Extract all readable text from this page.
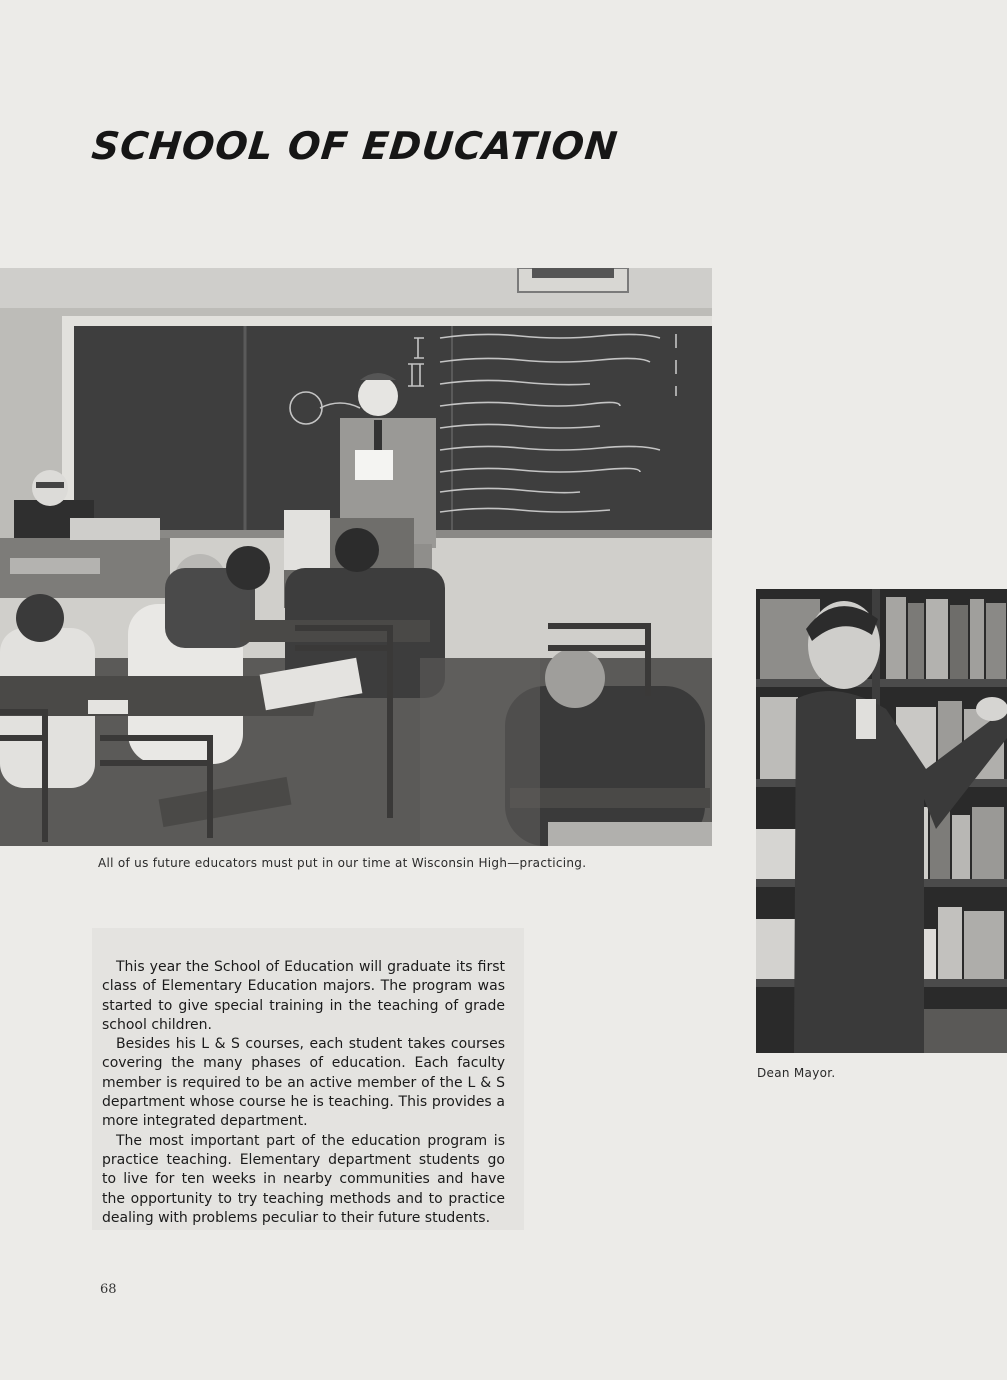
SCHOOL OF EDUCATION
All of us future educators must put in our time at Wisconsin High—practicing.
Dean Mayor.

This year the School of Education will graduate its first class of Elementary Education majors. The program was started to give special training in the teaching of grade school children.

Besides his L & S courses, each student takes courses covering the many phases of education. Each faculty member is required to be an active member of the L & S department whose course he is teaching. This provides a more integrated department.

The most important part of the education program is practice teaching. Elementary department students go to live for ten weeks in nearby communities and have the opportunity to try teaching methods and to practice dealing with problems peculiar to their future students.

68
